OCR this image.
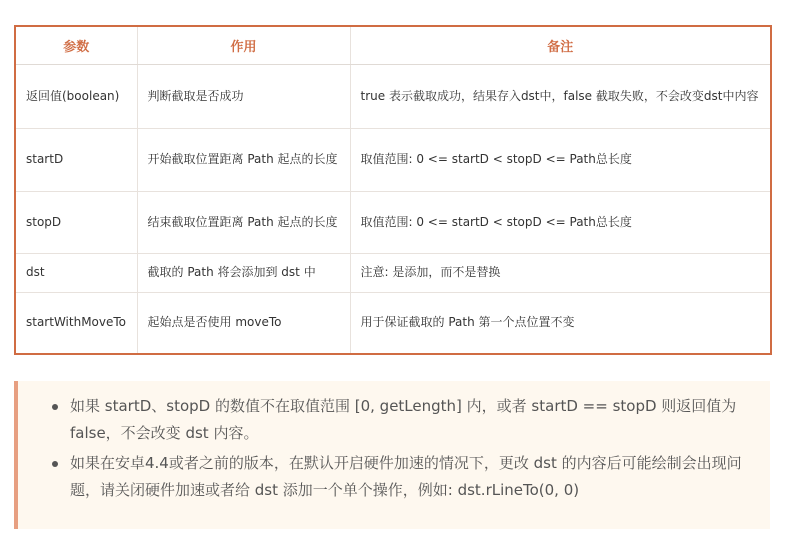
参数	作用	备注
返回值(boolean)	判断截取是否成功	true 表示截取成功，结果存入dst中，false 截取失败，不会改变dst中内容
startD	开始截取位置距离 Path 起点的长度	取值范围: 0 <= startD < stopD <= Path总长度
stopD	结束截取位置距离 Path 起点的长度	取值范围: 0 <= startD < stopD <= Path总长度
dst	截取的 Path 将会添加到 dst 中	注意: 是添加，而不是替换
startWithMoveTo	起始点是否使用 moveTo	用于保证截取的 Path 第一个点位置不变
如果 startD、stopD 的数值不在取值范围 [0, getLength] 内，或者 startD == stopD 则返回值为 false，不会改变 dst 内容。
如果在安卓4.4或者之前的版本，在默认开启硬件加速的情况下，更改 dst 的内容后可能绘制会出现问题，请关闭硬件加速或者给 dst 添加一个单个操作，例如: dst.rLineTo(0, 0)
